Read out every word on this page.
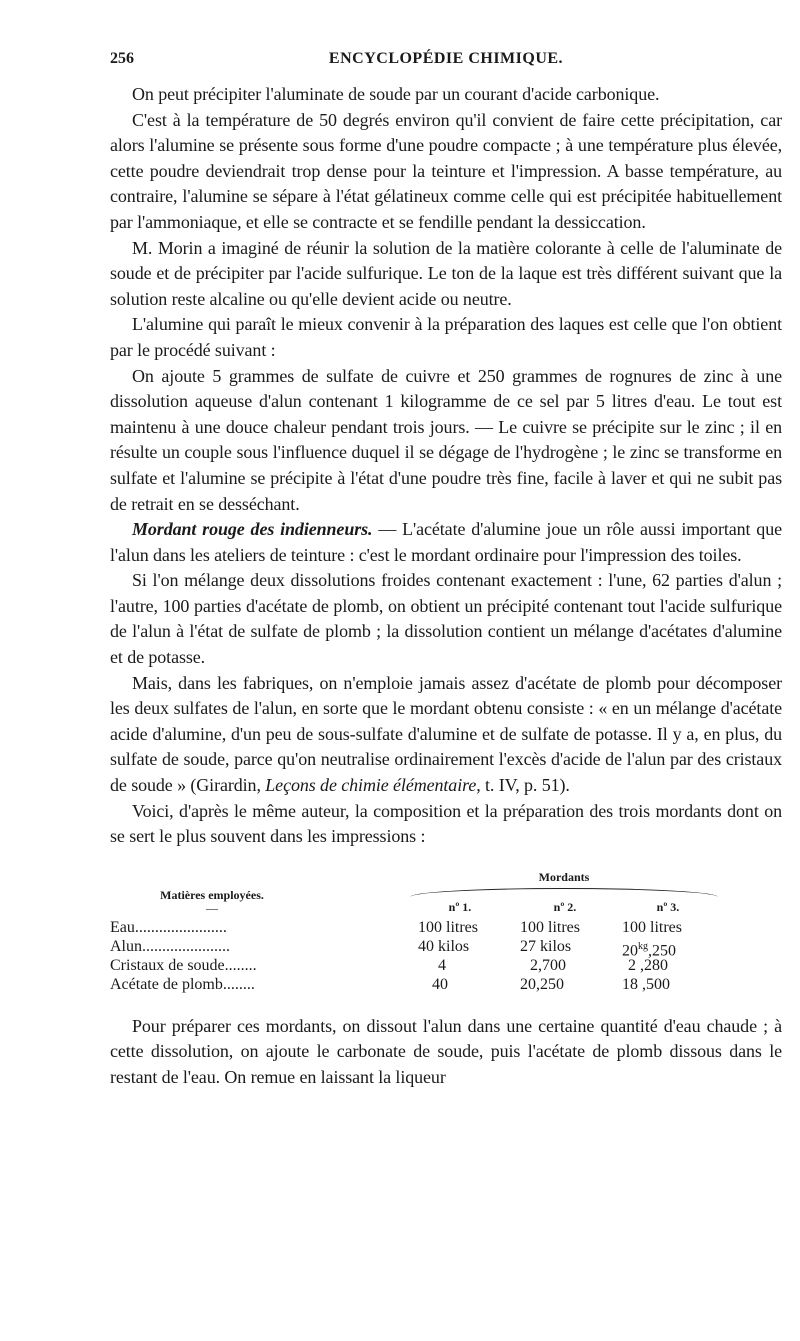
256	ENCYCLOPÉDIE CHIMIQUE.

On peut précipiter l'aluminate de soude par un courant d'acide carbonique.

C'est à la température de 50 degrés environ qu'il convient de faire cette précipitation, car alors l'alumine se présente sous forme d'une poudre compacte ; à une température plus élevée, cette poudre deviendrait trop dense pour la teinture et l'impression. A basse température, au contraire, l'alumine se sépare à l'état gélatineux comme celle qui est précipitée habituellement par l'ammoniaque, et elle se contracte et se fendille pendant la dessiccation.

M. Morin a imaginé de réunir la solution de la matière colorante à celle de l'aluminate de soude et de précipiter par l'acide sulfurique. Le ton de la laque est très différent suivant que la solution reste alcaline ou qu'elle devient acide ou neutre.

L'alumine qui paraît le mieux convenir à la préparation des laques est celle que l'on obtient par le procédé suivant :

On ajoute 5 grammes de sulfate de cuivre et 250 grammes de rognures de zinc à une dissolution aqueuse d'alun contenant 1 kilogramme de ce sel par 5 litres d'eau. Le tout est maintenu à une douce chaleur pendant trois jours. — Le cuivre se précipite sur le zinc ; il en résulte un couple sous l'influence duquel il se dégage de l'hydrogène ; le zinc se transforme en sulfate et l'alumine se précipite à l'état d'une poudre très fine, facile à laver et qui ne subit pas de retrait en se desséchant.

Mordant rouge des indienneurs. — L'acétate d'alumine joue un rôle aussi important que l'alun dans les ateliers de teinture : c'est le mordant ordinaire pour l'impression des toiles.

Si l'on mélange deux dissolutions froides contenant exactement : l'une, 62 parties d'alun ; l'autre, 100 parties d'acétate de plomb, on obtient un précipité contenant tout l'acide sulfurique de l'alun à l'état de sulfate de plomb ; la dissolution contient un mélange d'acétates d'alumine et de potasse.

Mais, dans les fabriques, on n'emploie jamais assez d'acétate de plomb pour décomposer les deux sulfates de l'alun, en sorte que le mordant obtenu consiste : « en un mélange d'acétate acide d'alumine, d'un peu de sous-sulfate d'alumine et de sulfate de potasse. Il y a, en plus, du sulfate de soude, parce qu'on neutralise ordinairement l'excès d'acide de l'alun par des cristaux de soude » (Girardin, Leçons de chimie élémentaire, t. IV, p. 51).

Voici, d'après le même auteur, la composition et la préparation des trois mordants dont on se sert le plus souvent dans les impressions :

Matières employées.
—
Mordants
nº 1.	nº 2.	nº 3.
Eau.......................	100 litres	100 litres	100 litres
Alun......................	40 kilos	27 kilos	$20^{kg},250$
Cristaux de soude........	4	2,700	2 ,280
Acétate de plomb........	40	20,250	18 ,500

Pour préparer ces mordants, on dissout l'alun dans une certaine quantité d'eau chaude ; à cette dissolution, on ajoute le carbonate de soude, puis l'acétate de plomb dissous dans le restant de l'eau. On remue en laissant la liqueur
